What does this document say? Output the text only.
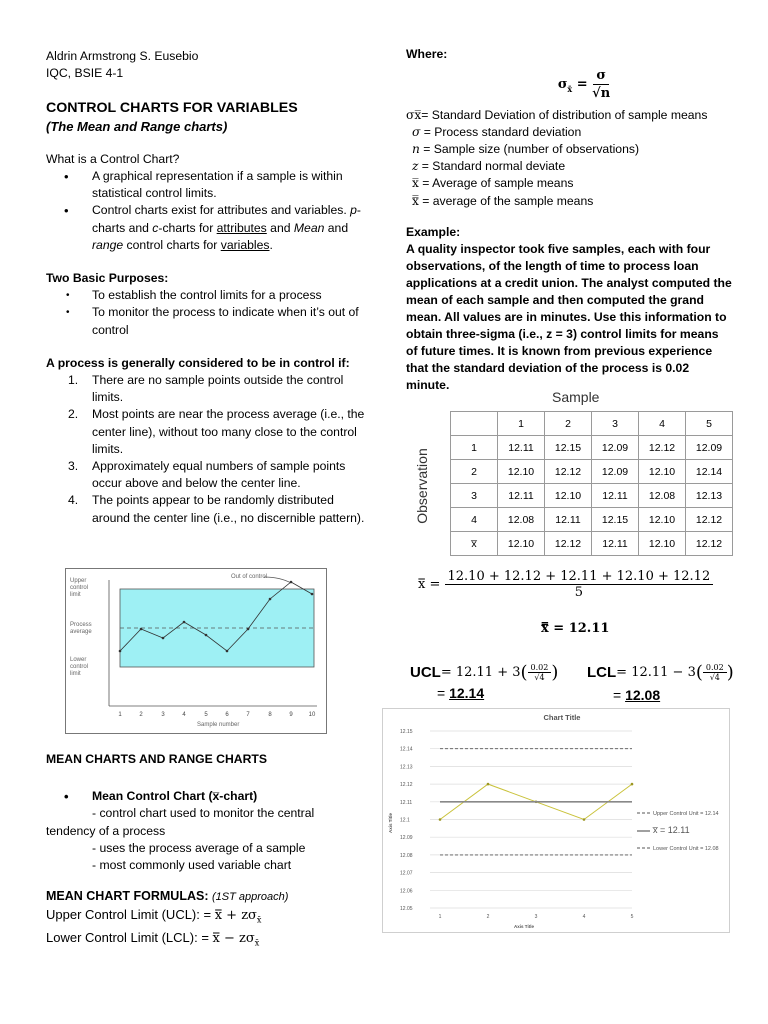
Aldrin Armstrong S. Eusebio

IQC, BSIE 4-1

CONTROL CHARTS FOR VARIABLES

(The Mean and Range charts)

What is a Control Chart?

• A graphical representation if a sample is within statistical control limits.
• Control charts exist for attributes and variables. p-charts and c-charts for attributes and Mean and range control charts for variables.

Two Basic Purposes:

• To establish the control limits for a process
• To monitor the process to indicate when it’s out of control

A process is generally considered to be in control if:

1. There are no sample points outside the control limits.
2. Most points are near the process average (i.e., the center line), without too many close to the control limits.
3. Approximately equal numbers of sample points occur above and below the center line.
4. The points appear to be randomly distributed around the center line (i.e., no discernible pattern).
Upper
control
limit
Process
average
Lower
control
limit
Out of control
Sample number
1	2	3	4	5	6	7	8	9	10

MEAN CHARTS AND RANGE CHARTS

• Mean Control Chart (x̅-chart)

- control chart used to monitor the central

tendency of a process

- uses the process average of a sample

- most commonly used variable chart

MEAN CHART FORMULAS: (1ST approach)

Upper Control Limit (UCL): = x̿ + $z\sigma_{x̄}$

Lower Control Limit (LCL): = x̿ − $z\sigma_{x̄}$

Where:

$\sigma_{x̄} = \frac{\sigma}{√n}$

σx̅= Standard Deviation of distribution of sample means

σ = Process standard deviation

n = Sample size (number of observations)

z = Standard normal deviate

x̅ = Average of sample means

x̿ = average of the sample means

Example:

A quality inspector took five samples, each with four observations, of the length of time to process loan applications at a credit union. The analyst computed the mean of each sample and then computed the grand mean. All values are in minutes. Use this information to obtain three-sigma (i.e., z = 3) control limits for means of future times. It is known from previous experience that the standard deviation of the process is 0.02 minute.

Sample
Observation
	1	2	3	4	5
1	12.11	12.15	12.09	12.12	12.09
2	12.10	12.12	12.09	12.10	12.14
3	12.11	12.10	12.11	12.08	12.13
4	12.08	12.11	12.15	12.10	12.12
x̅	12.10	12.12	12.11	12.10	12.12
x̿ = $\frac{12.10 + 12.12 + 12.11 + 12.10 + 12.12}{5}$
x̿ = 12.11
UCL = 12.11 + 3 ( $\frac{0.02}{√4}$ )
= 12.14
LCL = 12.11 − 3 ( $\frac{0.02}{√4}$ )
= 12.08
Chart Title
Axis Title
Axis Title
12.15
12.14
12.13
12.12
12.11
12.1
12.09
12.08
12.07
12.06
12.05
1	2	3	4	5
Upper Control Unit = 12.14
x̅ = 12.11
Lower Control Unit = 12.08
